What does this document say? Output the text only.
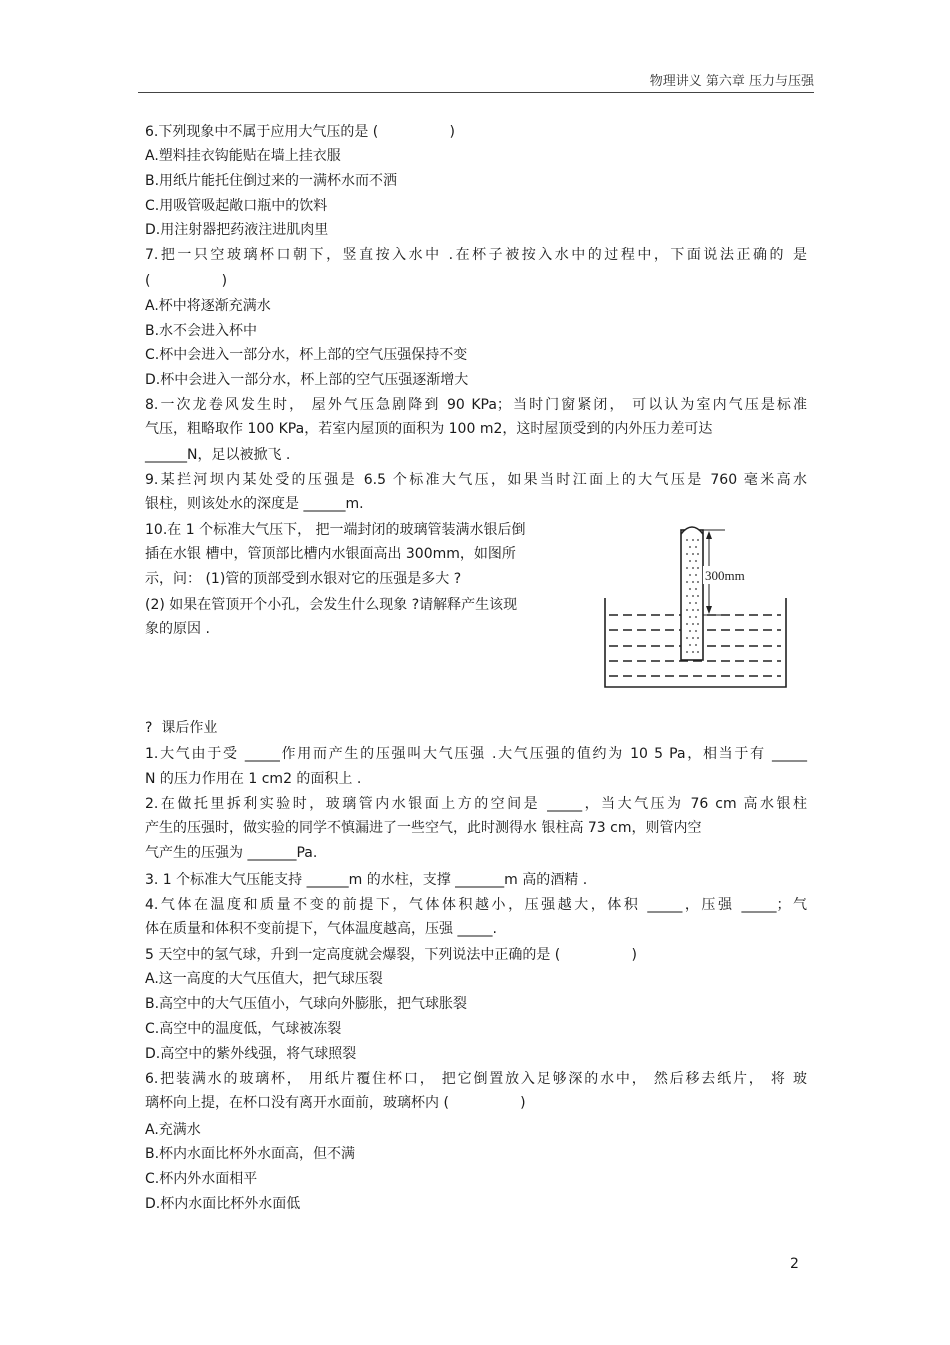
物理讲义 第六章 压力与压强
6.下列现象中不属于应用大气压的是 (                )
A.塑料挂衣钩能贴在墙上挂衣服
B.用纸片能托住倒过来的一满杯水而不洒
C.用吸管吸起敞口瓶中的饮料
D.用注射器把药液注进肌肉里
7.把一只空玻璃杯口朝下，竖直按入水中 .在杯子被按入水中的过程中，下面说法正确的 是
(                )
A.杯中将逐渐充满水
B.水不会进入杯中
C.杯中会进入一部分水，杯上部的空气压强保持不变
D.杯中会进入一部分水，杯上部的空气压强逐渐增大
8.一次龙卷风发生时， 屋外气压急剧降到 90 KPa；当时门窗紧闭， 可以认为室内气压是标准
气压，粗略取作 100 KPa，若室内屋顶的面积为 100 m2，这时屋顶受到的内外压力差可达
______N，足以被掀飞 .
9.某拦河坝内某处受的压强是 6.5 个标准大气压，如果当时江面上的大气压是 760 毫米高水
银柱，则该处水的深度是 ______m.
10.在 1 个标准大气压下， 把一端封闭的玻璃管装满水银后倒
插在水银 槽中，管顶部比槽内水银面高出 300mm，如图所
示，问： (1)管的顶部受到水银对它的压强是多大 ?
(2) 如果在管顶开个小孔，会发生什么现象 ?请解释产生该现
象的原因 .
?  课后作业
1.大气由于受 _____作用而产生的压强叫大气压强 .大气压强的值约为 10 5 Pa，相当于有 _____
N 的压力作用在 1 cm2 的面积上 .
2.在做托里拆利实验时，玻璃管内水银面上方的空间是 _____，当大气压为 76 cm 高水银柱
产生的压强时，做实验的同学不慎漏进了一些空气，此时测得水 银柱高 73 cm，则管内空
气产生的压强为 _______Pa.
3. 1 个标准大气压能支持 ______m 的水柱，支撑 _______m 高的酒精 .
4.气体在温度和质量不变的前提下，气体体积越小，压强越大，体积 _____，压强 _____；气
体在质量和体积不变前提下，气体温度越高，压强 _____.
5 天空中的氢气球，升到一定高度就会爆裂，下列说法中正确的是 (                )
A.这一高度的大气压值大，把气球压裂
B.高空中的大气压值小，气球向外膨胀，把气球胀裂
C.高空中的温度低，气球被冻裂
D.高空中的紫外线强，将气球照裂
6.把装满水的玻璃杯， 用纸片覆住杯口， 把它倒置放入足够深的水中， 然后移去纸片， 将 玻
璃杯向上提，在杯口没有离开水面前，玻璃杯内 (                )
A.充满水
B.杯内水面比杯外水面高，但不满
C.杯内外水面相平
D.杯内水面比杯外水面低
300mm
2
